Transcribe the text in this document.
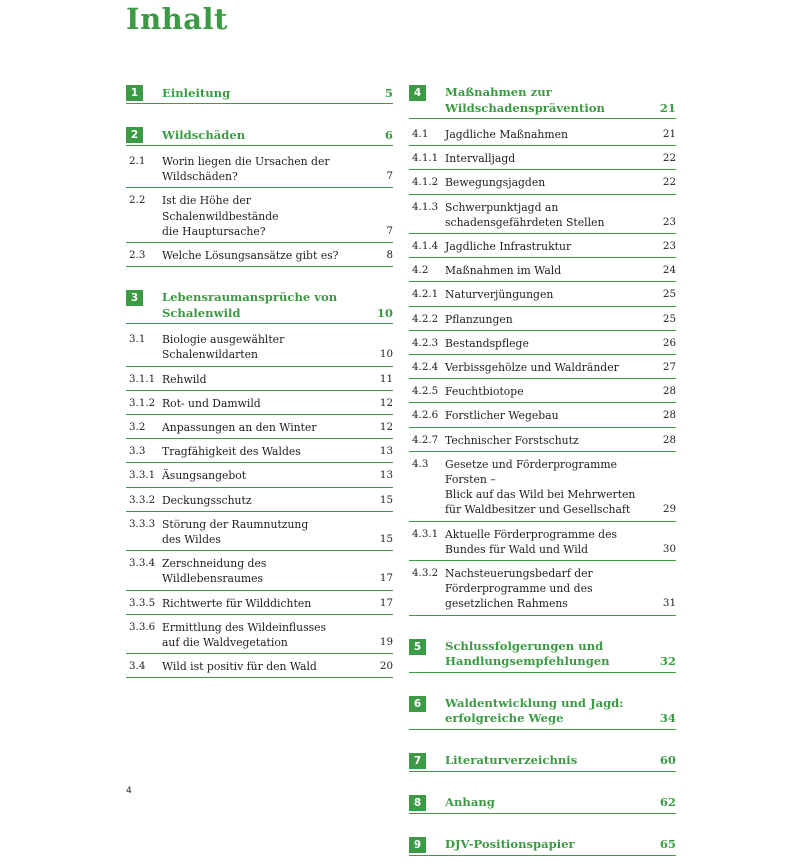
Inhalt
1	Einleitung	5
2	Wildschäden	6
2.1	Worin liegen die Ursachen der
Wildschäden?	7
2.2	Ist die Höhe der Schalenwildbestände
die Hauptursache?	7
2.3	Welche Lösungsansätze gibt es?	8
3	Lebensraumansprüche von
Schalenwild	10
3.1	Biologie ausgewählter
Schalenwildarten	10
3.1.1 Rehwild	11
3.1.2 Rot- und Damwild	12
3.2	Anpassungen an den Winter	12
3.3	Tragfähigkeit des Waldes	13
3.3.1 Äsungsangebot	13
3.3.2 Deckungsschutz	15
3.3.3 Störung der Raumnutzung
des Wildes	15
3.3.4 Zerschneidung des
Wildlebensraumes	17
3.3.5 Richtwerte für Wilddichten	17
3.3.6 Ermittlung des Wildeinflusses
auf die Waldvegetation	19
3.4	Wild ist positiv für den Wald	20
4	Maßnahmen zur
Wildschadensprävention	21
4.1	Jagdliche Maßnahmen	21
4.1.1 Intervalljagd	22
4.1.2 Bewegungsjagden	22
4.1.3 Schwerpunktjagd an
schadensgefährdeten Stellen	23
4.1.4 Jagdliche Infrastruktur	23
4.2	Maßnahmen im Wald	24
4.2.1 Naturverjüngungen	25
4.2.2 Pflanzungen	25
4.2.3 Bestandspflege	26
4.2.4 Verbissgehölze und Waldränder	27
4.2.5 Feuchtbiotope	28
4.2.6 Forstlicher Wegebau	28
4.2.7 Technischer Forstschutz	28
4.3	Gesetze und Förderprogramme Forsten –
Blick auf das Wild bei Mehrwerten
für Waldbesitzer und Gesellschaft	29
4.3.1 Aktuelle Förderprogramme des
Bundes für Wald und Wild	30
4.3.2 Nachsteuerungsbedarf der
Förderprogramme und des
gesetzlichen Rahmens	31
5	Schlussfolgerungen und
Handlungsempfehlungen	32
6	Waldentwicklung und Jagd:
erfolgreiche Wege	34
7	Literaturverzeichnis	60
8	Anhang	62
9	DJV-Positionspapier	65
4
